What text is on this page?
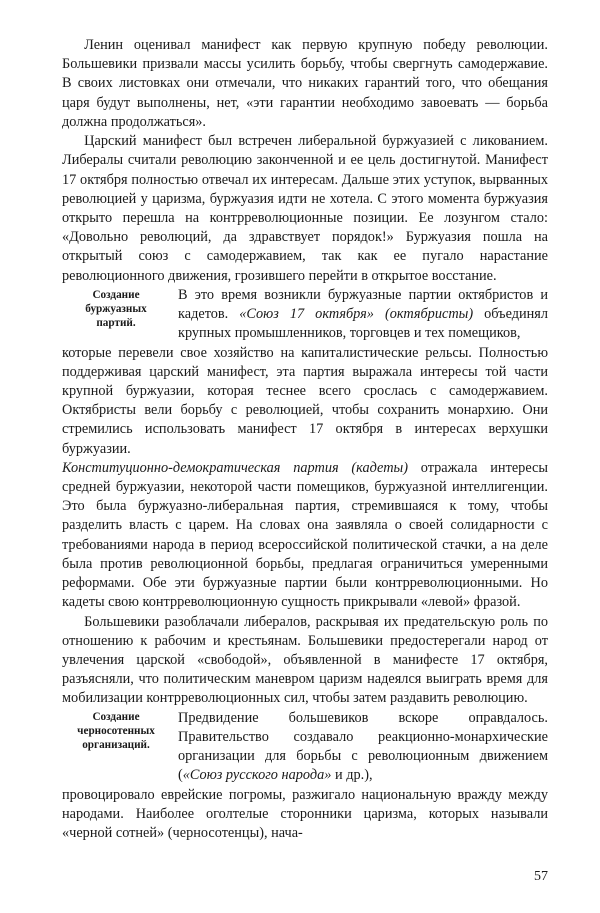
Ленин оценивал манифест как первую крупную победу революции. Большевики призвали массы усилить борьбу, чтобы свергнуть самодержавие. В своих листовках они отмечали, что никаких гарантий того, что обещания царя будут выполнены, нет, «эти гарантии необходимо завоевать — борьба должна продолжаться».

Царский манифест был встречен либеральной буржуазией с ликованием. Либералы считали революцию законченной и ее цель достигнутой. Манифест 17 октября полностью отвечал их интересам. Дальше этих уступок, вырванных революцией у царизма, буржуазия идти не хотела. С этого момента буржуазия открыто перешла на контрреволюционные позиции. Ее лозунгом стало: «Довольно революций, да здравствует порядок!» Буржуазия пошла на открытый союз с самодержавием, так как ее пугало нарастание революционного движения, грозившего перейти в открытое восстание.

Создание
буржуазных
партий.

В это время возникли буржуазные партии октябристов и кадетов. «Союз 17 октября» (октябристы) объединял крупных промышленников, торговцев и тех помещиков,

которые перевели свое хозяйство на капиталистические рельсы. Полностью поддерживая царский манифест, эта партия выражала интересы той части крупной буржуазии, которая теснее всего срослась с самодержавием. Октябристы вели борьбу с революцией, чтобы сохранить монархию. Они стремились использовать манифест 17 октября в интересах верхушки буржуазии.

Конституционно-демократическая партия (кадеты) отражала интересы средней буржуазии, некоторой части помещиков, буржуазной интеллигенции. Это была буржуазно-либеральная партия, стремившаяся к тому, чтобы разделить власть с царем. На словах она заявляла о своей солидарности с требованиями народа в период всероссийской политической стачки, а на деле была против революционной борьбы, предлагая ограничиться умеренными реформами. Обе эти буржуазные партии были контрреволюционными. Но кадеты свою контрреволюционную сущность прикрывали «левой» фразой.

Большевики разоблачали либералов, раскрывая их предательскую роль по отношению к рабочим и крестьянам. Большевики предостерегали народ от увлечения царской «свободой», объявленной в манифесте 17 октября, разъясняли, что политическим маневром царизм надеялся выиграть время для мобилизации контрреволюционных сил, чтобы затем раздавить революцию.

Создание
черносотенных
организаций.

Предвидение большевиков вскоре оправдалось. Правительство создавало реакционно-монархические организации для борьбы с революционным движением («Союз русского народа» и др.),

провоцировало еврейские погромы, разжигало национальную вражду между народами. Наиболее оголтелые сторонники царизма, которых называли «черной сотней» (черносотенцы), нача-

57
